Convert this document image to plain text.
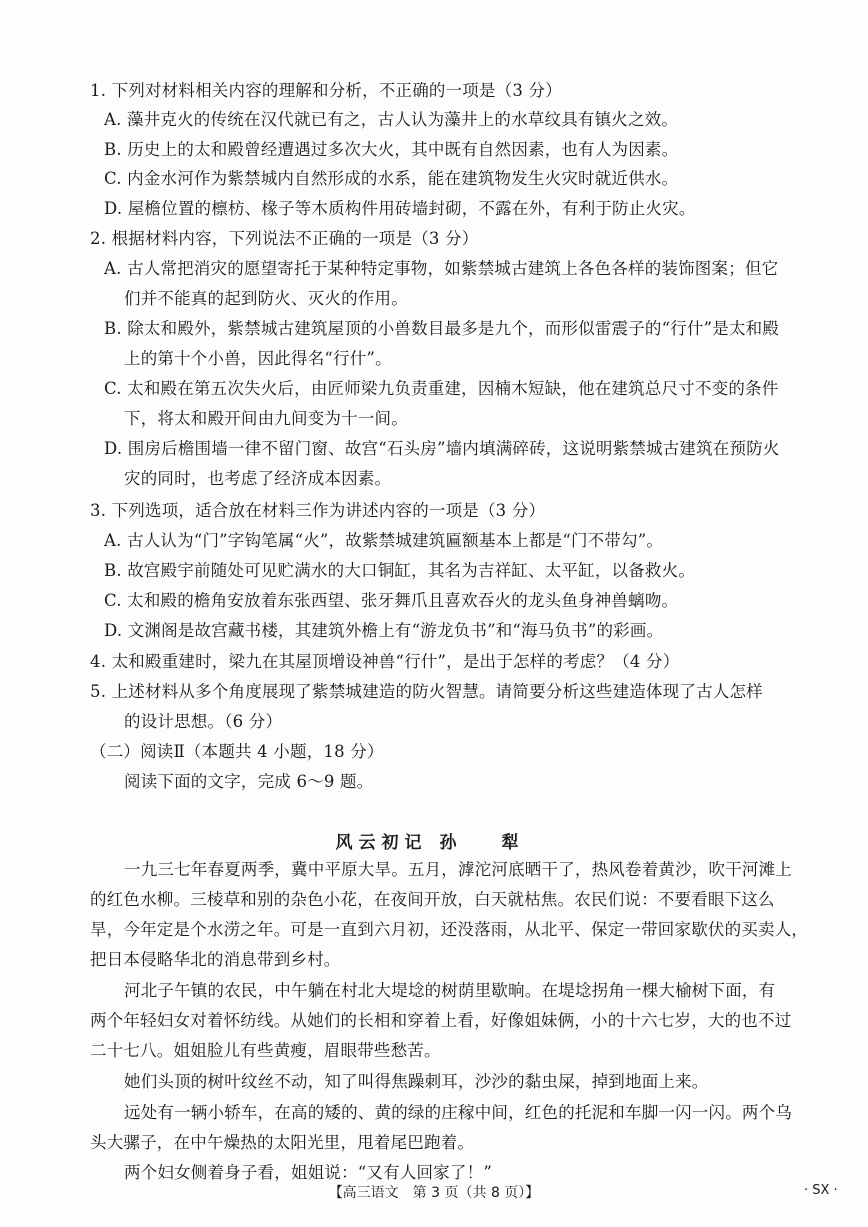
1. 下列对材料相关内容的理解和分析，不正确的一项是（3 分）
A. 藻井克火的传统在汉代就已有之，古人认为藻井上的水草纹具有镇火之效。
B. 历史上的太和殿曾经遭遇过多次大火，其中既有自然因素，也有人为因素。
C. 内金水河作为紫禁城内自然形成的水系，能在建筑物发生火灾时就近供水。
D. 屋檐位置的檩枋、椽子等木质构件用砖墙封砌，不露在外，有利于防止火灾。
2. 根据材料内容，下列说法不正确的一项是（3 分）
A. 古人常把消灾的愿望寄托于某种特定事物，如紫禁城古建筑上各色各样的装饰图案；但它
们并不能真的起到防火、灭火的作用。
B. 除太和殿外，紫禁城古建筑屋顶的小兽数目最多是九个，而形似雷震子的“行什”是太和殿
上的第十个小兽，因此得名“行什”。
C. 太和殿在第五次失火后，由匠师梁九负责重建，因楠木短缺，他在建筑总尺寸不变的条件
下，将太和殿开间由九间变为十一间。
D. 围房后檐围墙一律不留门窗、故宫“石头房”墙内填满碎砖，这说明紫禁城古建筑在预防火
灾的同时，也考虑了经济成本因素。
3. 下列选项，适合放在材料三作为讲述内容的一项是（3 分）
A. 古人认为“门”字钩笔属“火”，故紫禁城建筑匾额基本上都是“门不带勾”。
B. 故宫殿宇前随处可见贮满水的大口铜缸，其名为吉祥缸、太平缸，以备救火。
C. 太和殿的檐角安放着东张西望、张牙舞爪且喜欢吞火的龙头鱼身神兽螭吻。
D. 文渊阁是故宫藏书楼，其建筑外檐上有“游龙负书”和“海马负书”的彩画。
4. 太和殿重建时，梁九在其屋顶增设神兽“行什”，是出于怎样的考虑？（4 分）
5. 上述材料从多个角度展现了紫禁城建造的防火智慧。请简要分析这些建造体现了古人怎样
的设计思想。（6 分）
（二）阅读Ⅱ（本题共 4 小题，18 分）
阅读下面的文字，完成 6～9 题。
风云初记 孙　犁
一九三七年春夏两季，冀中平原大旱。五月，滹沱河底晒干了，热风卷着黄沙，吹干河滩上
的红色水柳。三棱草和别的杂色小花，在夜间开放，白天就枯焦。农民们说：不要看眼下这么
旱，今年定是个水涝之年。可是一直到六月初，还没落雨，从北平、保定一带回家歇伏的买卖人，
把日本侵略华北的消息带到乡村。
河北子午镇的农民，中午躺在村北大堤埝的树荫里歇晌。在堤埝拐角一棵大榆树下面，有
两个年轻妇女对着怀纺线。从她们的长相和穿着上看，好像姐妹俩，小的十六七岁，大的也不过
二十七八。姐姐脸儿有些黄瘦，眉眼带些愁苦。
她们头顶的树叶纹丝不动，知了叫得焦躁刺耳，沙沙的黏虫屎，掉到地面上来。
远处有一辆小轿车，在高的矮的、黄的绿的庄稼中间，红色的托泥和车脚一闪一闪。两个乌
头大骡子，在中午燥热的太阳光里，甩着尾巴跑着。
两个妇女侧着身子看，姐姐说：“又有人回家了！”
【高三语文　第 3 页（共 8 页）】	· SX ·
